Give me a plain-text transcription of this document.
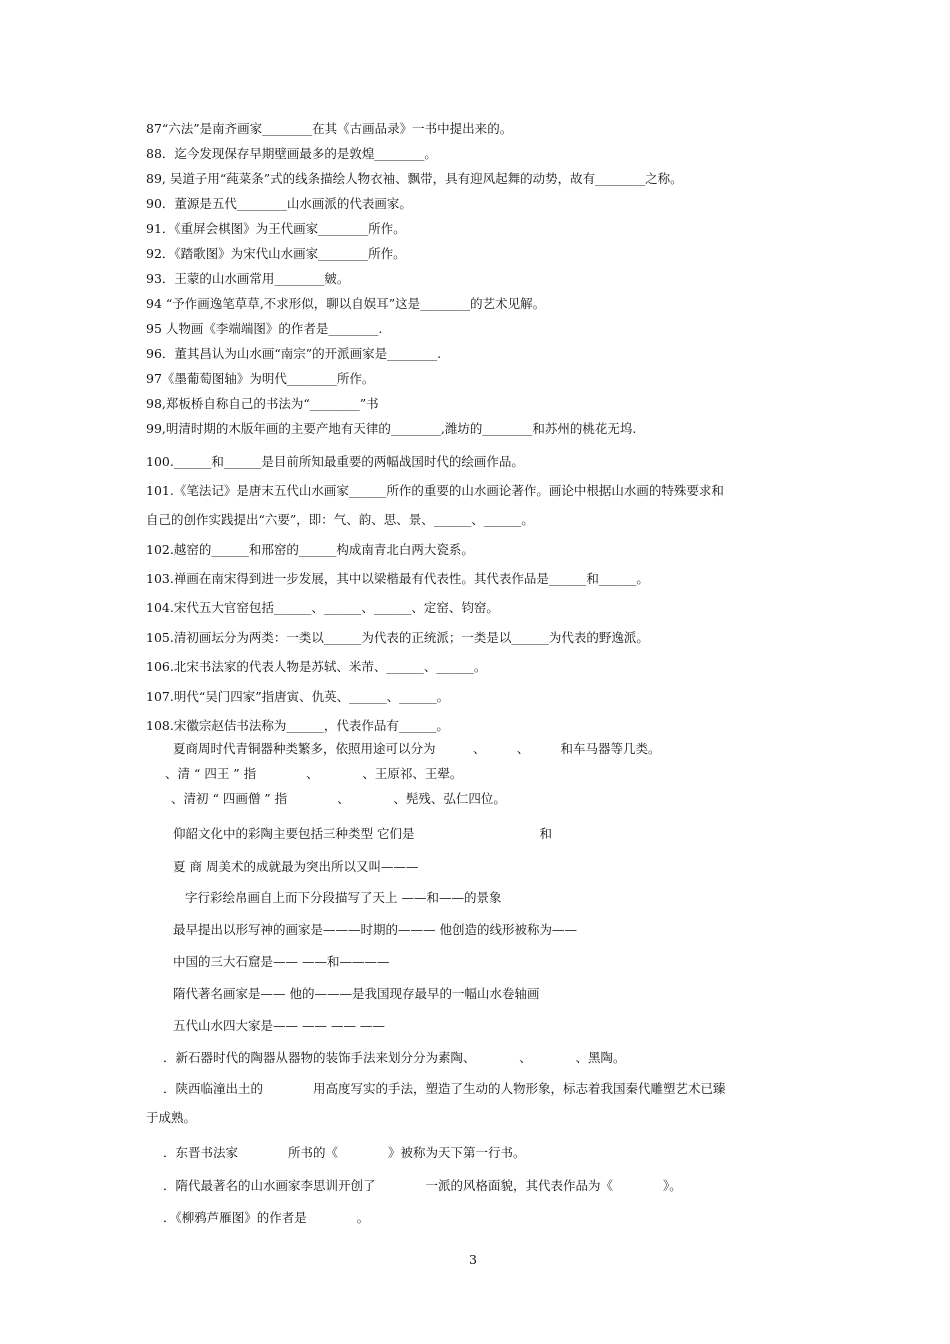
87“六法”是南齐画家________在其《古画品录》一书中提出来的。
88．迄今发现保存早期壁画最多的是敦煌________。
89, 吴道子用“莼菜条”式的线条描绘人物衣袖、飘带，具有迎风起舞的动势，故有________之称。
90．董源是五代________山水画派的代表画家。
91．《重屏会棋图》为王代画家________所作。
92．《踏歌图》为宋代山水画家________所作。
93．王蒙的山水画常用________皴。
94 “予作画逸笔草草,不求形似，聊以自娱耳”这是________的艺术见解。
95 人物画《李端端图》的作者是________.
96．董其昌认为山水画“南宗”的开派画家是________.
97《墨葡萄图轴》为明代________所作。
98,郑板桥自称自己的书法为“________”书
99,明清时期的木版年画的主要产地有天律的________,潍坊的________和苏州的桃花无坞.
100.______和______是目前所知最重要的两幅战国时代的绘画作品。
101.《笔法记》是唐末五代山水画家______所作的重要的山水画论著作。画论中根据山水画的特殊要求和
自己的创作实践提出“六要”，即：气、韵、思、景、______、______。
102.越窑的______和邢窑的______构成南青北白两大瓷系。
103.禅画在南宋得到进一步发展，其中以梁楷最有代表性。其代表作品是______和______。
104.宋代五大官窑包括______、______、______、定窑、钧窑。
105.清初画坛分为两类：一类以______为代表的正统派；一类是以______为代表的野逸派。
106.北宋书法家的代表人物是苏轼、米芾、______、______。
107.明代“吴门四家”指唐寅、仇英、______、______。
108.宋徽宗赵佶书法称为______，代表作品有______。
夏商周时代青铜器种类繁多，依照用途可以分为　　　、　　　、　　　和车马器等几类。
、清 “ 四王 ” 指　　　　、　　　　、王原祁、王翚。
、清初 “ 四画僧 ” 指　　　　、　　　　、髡残、弘仁四位。
仰韶文化中的彩陶主要包括三种类型 它们是　　　　　　　　　　和
夏 商 周美术的成就最为突出所以又叫———
字行彩绘帛画自上而下分段描写了天上 ——和——的景象
最早提出以形写神的画家是———时期的——— 他创造的线形被称为——
中国的三大石窟是—— ——和————
隋代著名画家是—— 他的———是我国现存最早的一幅山水卷轴画
五代山水四大家是—— —— —— ——
．新石器时代的陶器从器物的装饰手法来划分分为素陶、　　　　、　　　　、黑陶。
．陕西临潼出土的　　　　用高度写实的手法，塑造了生动的人物形象，标志着我国秦代雕塑艺术已臻
于成熟。
．东晋书法家　　　　所书的《　　　　》被称为天下第一行书。
．隋代最著名的山水画家李思训开创了　　　　一派的风格面貌，其代表作品为《　　　　》。
．《柳鸦芦雁图》的作者是　　　　。
3
